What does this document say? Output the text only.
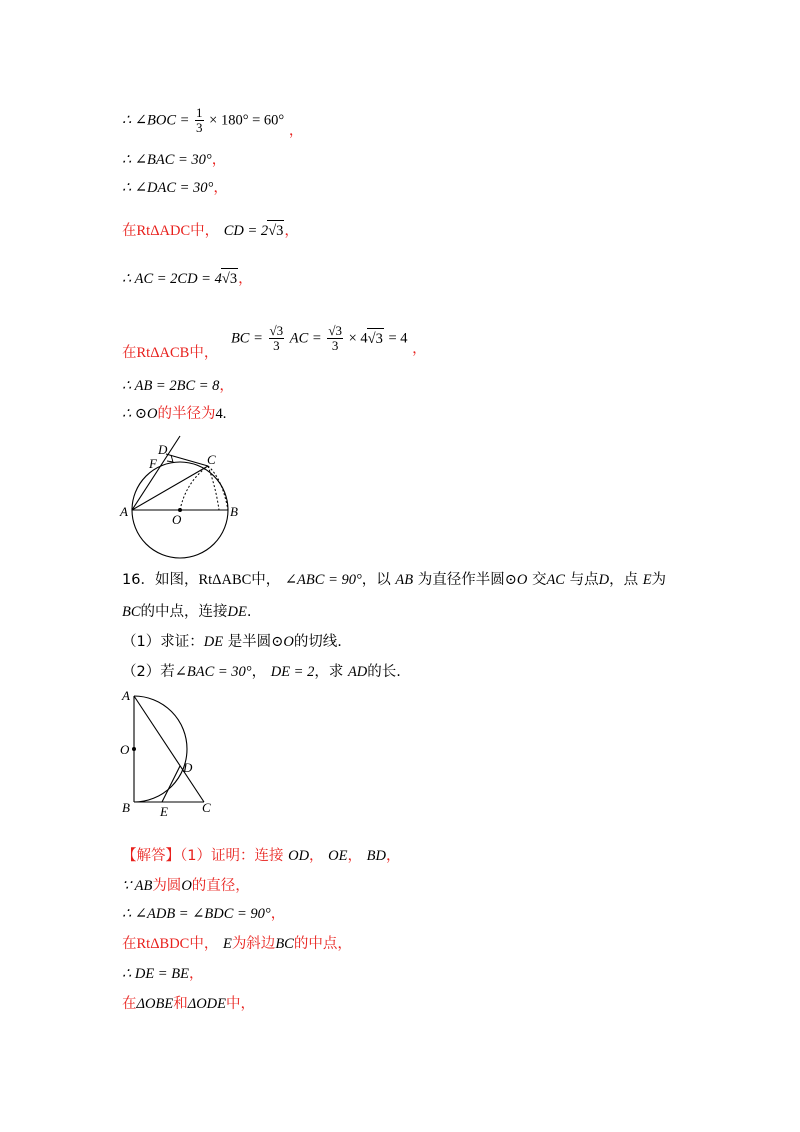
∴ ∠BOC = $\frac{1}{3} \times 180^\circ = 60^\circ$ ，
∴ ∠BAC = 30°，
∴ ∠DAC = 30°，
在RtΔADC中， CD = 2√3，
∴ AC = 2CD = 4√3，
在RtΔACB中， BC = $\frac{√3}{3}$ AC = $\frac{√3}{3} \times 4√3 = 4$ ，
∴ AB = 2BC = 8，
∴ ⊙O的半径为4.
D
F	C
A
O
B
16．如图，RtΔABC中， ∠ABC = 90°，以 AB 为直径作半圆⊙O 交AC 与点D，点 E为
BC的中点，连接DE.
（1）求证：DE 是半圆⊙O的切线.
（2）若∠BAC = 30°， DE = 2，求 AD的长.
A
O
D
B E	C
【解答】（1）证明：连接 OD， OE， BD，
∵ AB为圆O的直径，
∴ ∠ADB = ∠BDC = 90°，
在RtΔBDC中， E为斜边BC的中点，
∴ DE = BE，
在ΔOBE和ΔODE中，
